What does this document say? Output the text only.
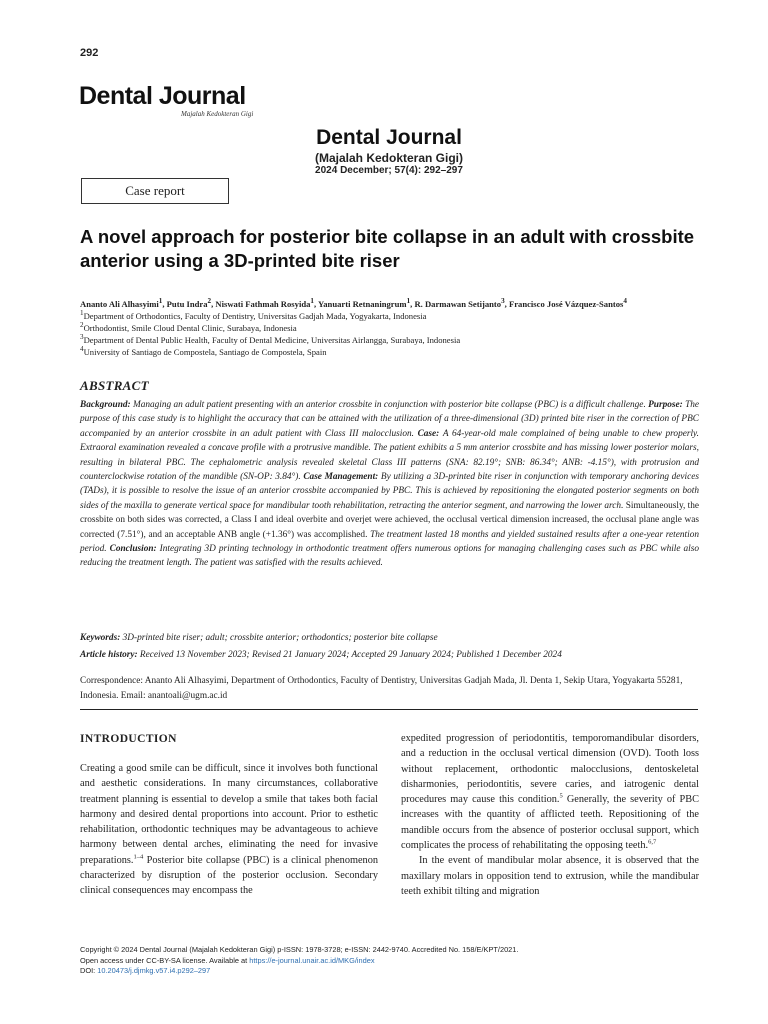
292
Dental Journal
Majalah Kedokteran Gigi
Dental Journal
(Majalah Kedokteran Gigi)
2024 December; 57(4): 292–297
Case report
A novel approach for posterior bite collapse in an adult with crossbite anterior using a 3D-printed bite riser
Ananto Ali Alhasyimi$^1$, Putu Indra$^2$, Niswati Fathmah Rosyida$^1$, Yanuarti Retnaningrum$^1$, R. Darmawan Setijanto$^3$, Francisco José Vázquez-Santos$^4$
$^1$Department of Orthodontics, Faculty of Dentistry, Universitas Gadjah Mada, Yogyakarta, Indonesia
$^2$Orthodontist, Smile Cloud Dental Clinic, Surabaya, Indonesia
$^3$Department of Dental Public Health, Faculty of Dental Medicine, Universitas Airlangga, Surabaya, Indonesia
$^4$University of Santiago de Compostela, Santiago de Compostela, Spain
ABSTRACT
Background: Managing an adult patient presenting with an anterior crossbite in conjunction with posterior bite collapse (PBC) is a difficult challenge. Purpose: The purpose of this case study is to highlight the accuracy that can be attained with the utilization of a three-dimensional (3D) printed bite riser in the correction of PBC accompanied by an anterior crossbite in an adult patient with Class III malocclusion. Case: A 64-year-old male complained of being unable to chew properly. Extraoral examination revealed a concave profile with a protrusive mandible. The patient exhibits a 5 mm anterior crossbite and has missing lower posterior molars, resulting in bilateral PBC. The cephalometric analysis revealed skeletal Class III patterns (SNA: 82.19°; SNB: 86.34°; ANB: -4.15°), with protrusion and counterclockwise rotation of the mandible (SN-OP: 3.84°). Case Management: By utilizing a 3D-printed bite riser in conjunction with temporary anchoring devices (TADs), it is possible to resolve the issue of an anterior crossbite accompanied by PBC. This is achieved by repositioning the elongated posterior segments on both sides of the maxilla to generate vertical space for mandibular tooth rehabilitation, retracting the anterior segment, and narrowing the lower arch. Simultaneously, the crossbite on both sides was corrected, a Class I and ideal overbite and overjet were achieved, the occlusal vertical dimension increased, the occlusal plane angle was corrected (7.51°), and an acceptable ANB angle (+1.36°) was accomplished. The treatment lasted 18 months and yielded sustained results after a one-year retention period. Conclusion: Integrating 3D printing technology in orthodontic treatment offers numerous options for managing challenging cases such as PBC while also reducing the treatment length. The patient was satisfied with the results achieved.
Keywords: 3D-printed bite riser; adult; crossbite anterior; orthodontics; posterior bite collapse
Article history: Received 13 November 2023; Revised 21 January 2024; Accepted 29 January 2024; Published 1 December 2024
Correspondence: Ananto Ali Alhasyimi, Department of Orthodontics, Faculty of Dentistry, Universitas Gadjah Mada, Jl. Denta 1, Sekip Utara, Yogyakarta 55281, Indonesia. Email: anantoali@ugm.ac.id
INTRODUCTION

Creating a good smile can be difficult, since it involves both functional and aesthetic considerations. In many circumstances, collaborative treatment planning is essential to develop a smile that takes both facial harmony and desired dental proportions into account. Prior to esthetic rehabilitation, orthodontic techniques may be advantageous to achieve harmony between dental arches, eliminating the need for invasive preparations.$^{1-4}$ Posterior bite collapse (PBC) is a clinical phenomenon characterized by disruption of the posterior occlusion. Secondary clinical consequences may encompass the

expedited progression of periodontitis, temporomandibular disorders, and a reduction in the occlusal vertical dimension (OVD). Tooth loss without replacement, orthodontic malocclusions, dentoskeletal disharmonies, periodontitis, severe caries, and iatrogenic dental procedures may cause this condition.$^5$ Generally, the severity of PBC increases with the quantity of afflicted teeth. Repositioning of the mandible occurs from the absence of posterior occlusal support, which complicates the process of rehabilitating the opposing teeth.$^{6,7}$

In the event of mandibular molar absence, it is observed that the maxillary molars in opposition tend to extrusion, while the mandibular teeth exhibit tilting and migration

Copyright © 2024 Dental Journal (Majalah Kedokteran Gigi) p-ISSN: 1978-3728; e-ISSN: 2442-9740. Accredited No. 158/E/KPT/2021.
Open access under CC-BY-SA license. Available at https://e-journal.unair.ac.id/MKG/index
DOI: 10.20473/j.djmkg.v57.i4.p292–297
